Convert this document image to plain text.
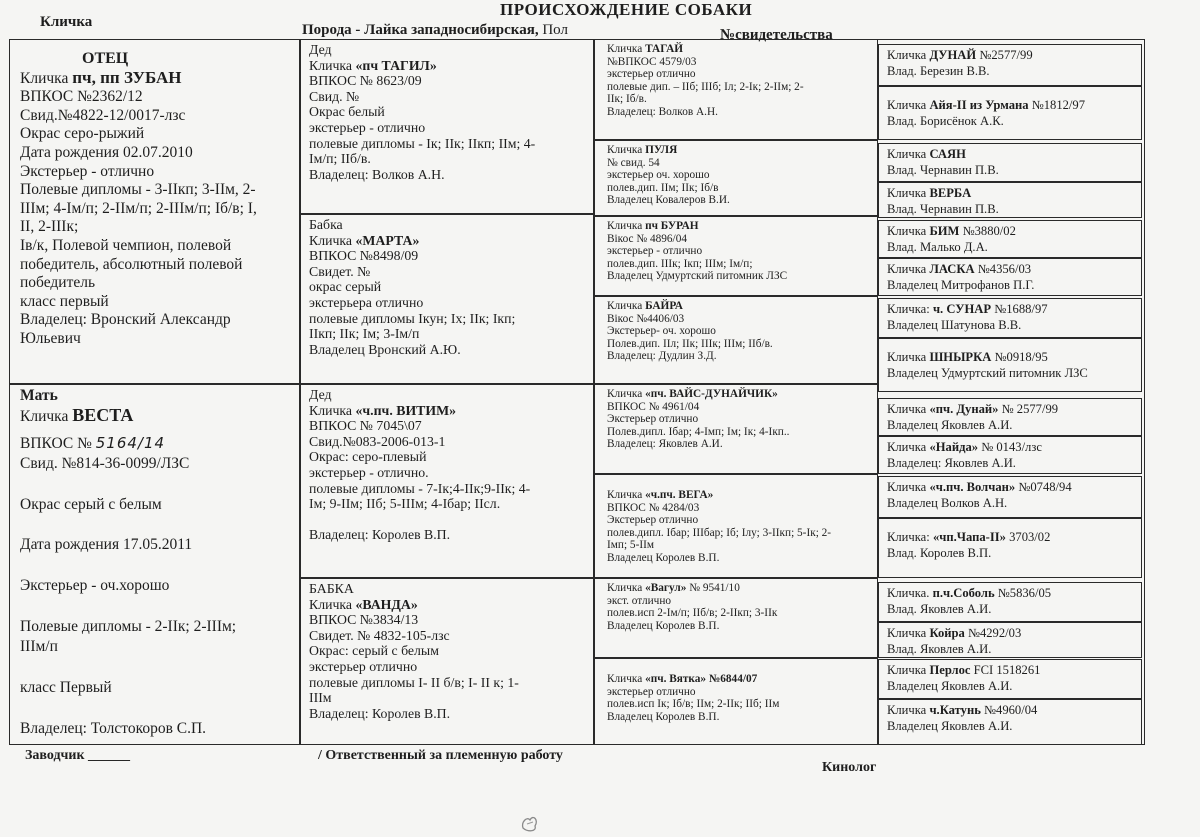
ПРОИСХОЖДЕНИЕ СОБАКИ
Кличка	Порода - Лайка западносибирская, Пол	№свидетельства
ОТЕЦ
Кличка пч, пп ЗУБАН
ВПКОС №2362/12
Свид.№4822-12/0017-лзс
Окрас серо-рыжий
Дата рождения 02.07.2010
Экстерьер - отлично
Полевые дипломы - 3-IIкп; 3-IIм, 2-
IIIм; 4-Iм/п; 2-IIм/п; 2-IIIм/п; Iб/в; I,
II, 2-IIIк;
Iв/к, Полевой чемпион, полевой
победитель, абсолютный полевой
победитель
класс первый
Владелец: Вронский Александр
Юльевич
Мать
Кличка ВЕСТА
ВПКОС № 5164/14
Свид. №814-36-0099/ЛЗС

Окрас серый с белым

Дата рождения 17.05.2011

Экстерьер - оч.хорошо

Полевые дипломы - 2-IIк; 2-IIIм;
IIIм/п

класс Первый

Владелец: Толстокоров С.П.
Дед
Кличка «пч ТАГИЛ»
ВПКОС № 8623/09
Свид. №
Окрас белый
экстерьер - отлично
полевые дипломы - Iк; IIк; IIкп; IIм; 4-
Iм/п; IIб/в.
Владелец: Волков А.Н.
Бабка
Кличка «МАРТА»
ВПКОС №8498/09
Свидет. №
окрас серый
экстерьера отлично
полевые дипломы Iкун; Iх; IIк; Iкп;
IIкп; IIк; Iм; 3-Iм/п
Владелец Вронский А.Ю.
Дед
Кличка «ч.пч. ВИТИМ»
ВПКОС № 7045\07
Свид.№083-2006-013-1
Окрас: серо-плевый
экстерьер - отлично.
полевые дипломы - 7-Iк;4-IIк;9-IIк; 4-
Iм; 9-IIм; IIб; 5-IIIм; 4-Iбар; IIсл.

Владелец: Королев В.П.
БАБКА
Кличка «ВАНДА»
ВПКОС №3834/13
Свидет. № 4832-105-лзс
Окрас: серый с белым
экстерьер отлично
полевые дипломы I- II б/в; I- II к; 1-
IIIм
Владелец: Королев В.П.
Кличка ТАГАЙ
№ВПКОС 4579/03
экстерьер отлично
полевые дип. – IIб; IIIб; Iл; 2-Iк; 2-IIм; 2-
IIк; Iб/в.
Владелец: Волков А.Н.
Кличка ПУЛЯ
№ свид. 54
экстерьер оч. хорошо
полев.дип. IIм; IIк; Iб/в
Владелец Ковалеров В.И.
Кличка пч БУРАН
Вікос № 4896/04
экстерьер - отлично
полев.дип. IIIк; Iкп; IIIм; Iм/п;
Владелец Удмуртский питомник ЛЗС
Кличка БАЙРА
Вікос №4406/03
Экстерьер- оч. хорошо
Полев.дип. IIл; IIк; IIIк; IIIм; IIб/в.
Владелец: Дудлин З.Д.
Кличка «пч. ВАЙС-ДУНАЙЧИК»
ВПКОС № 4961/04
Экстерьер отлично
Полев.дипл. Iбар; 4-Iмп; Iм; Iк; 4-Iкп..
Владелец: Яковлев А.И.
Кличка «ч.пч. ВЕГА»
ВПКОС № 4284/03
Экстерьер отлично
полев.дипл. Iбар; IIIбар; Iб; Iлу; 3-IIкп; 5-Iк; 2-
Iмп; 5-IIм
Владелец Королев В.П.
Кличка «Вагул» № 9541/10
экст. отлично
полев.исп 2-Iм/п; IIб/в; 2-IIкп; 3-IIк
Владелец Королев В.П.
Кличка «пч. Вятка» №6844/07
экстерьер отлично
полев.исп Iк; Iб/в; IIм; 2-IIк; IIб; IIм
Владелец Королев В.П.
Кличка ДУНАЙ №2577/99
Влад. Березин В.В.
Кличка Айя-II из Урмана №1812/97
Влад. Борисёнок А.К.
Кличка САЯН
Влад. Чернавин П.В.
Кличка ВЕРБА
Влад. Чернавин П.В.
Кличка БИМ №3880/02
Влад. Малько Д.А.
Кличка ЛАСКА №4356/03
Владелец Митрофанов П.Г.
Кличка: ч. СУНАР №1688/97
Владелец Шатунова В.В.
Кличка ШНЫРКА №0918/95
Владелец Удмуртский питомник ЛЗС
Кличка «пч. Дунай» № 2577/99
Владелец Яковлев А.И.
Кличка «Найда» № 0143/лзс
Владелец: Яковлев А.И.
Кличка «ч.пч. Волчан» №0748/94
Владелец Волков А.Н.
Кличка: «чп.Чапа-II» 3703/02
Влад. Королев В.П.
Кличка. п.ч.Соболь №5836/05
Влад. Яковлев А.И.
Кличка Койра №4292/03
Влад. Яковлев А.И.
Кличка Перлос FCI 1518261
Владелец Яковлев А.И.
Кличка ч.Катунь №4960/04
Владелец Яковлев А.И.
Заводчик ______	/ Ответственный за племенную работу
Кинолог
